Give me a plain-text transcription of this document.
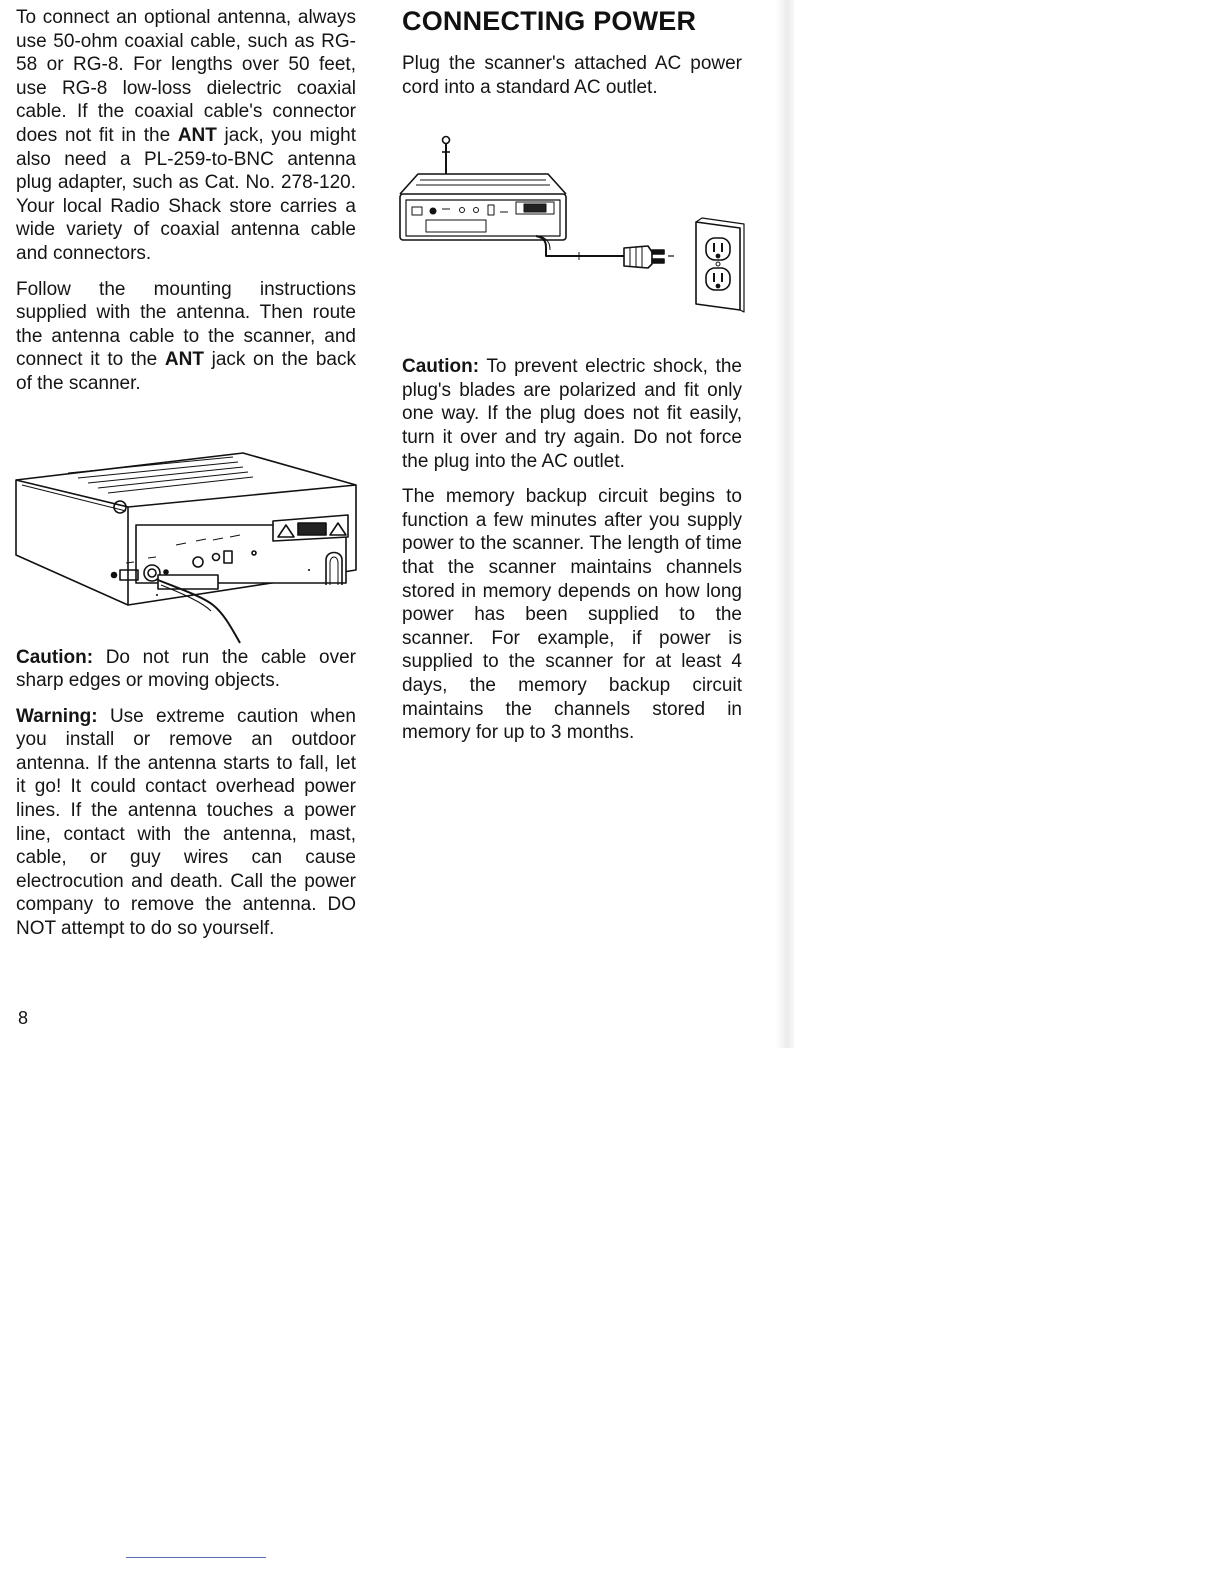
To connect an optional antenna, always use 50-ohm coaxial cable, such as RG-58 or RG-8. For lengths over 50 feet, use RG-8 low-loss dielectric coaxial cable. If the coaxial cable's connector does not fit in the ANT jack, you might also need a PL-259-to-BNC antenna plug adapter, such as Cat. No. 278-120. Your local Radio Shack store carries a wide variety of coaxial antenna cable and connectors.

Follow the mounting instructions supplied with the antenna. Then route the antenna cable to the scanner, and connect it to the ANT jack on the back of the scanner.

Caution: Do not run the cable over sharp edges or moving objects.

Warning: Use extreme caution when you install or remove an outdoor antenna. If the antenna starts to fall, let it go! It could contact overhead power lines. If the antenna touches a power line, contact with the antenna, mast, cable, or guy wires can cause electrocution and death. Call the power company to remove the antenna. DO NOT attempt to do so yourself.

CONNECTING POWER

Plug the scanner's attached AC power cord into a standard AC outlet.

Caution: To prevent electric shock, the plug's blades are polarized and fit only one way. If the plug does not fit easily, turn it over and try again. Do not force the plug into the AC outlet.

The memory backup circuit begins to function a few minutes after you supply power to the scanner. The length of time that the scanner maintains channels stored in memory depends on how long power has been supplied to the scanner. For example, if power is supplied to the scanner for at least 4 days, the memory backup circuit maintains the channels stored in memory for up to 3 months.

8
